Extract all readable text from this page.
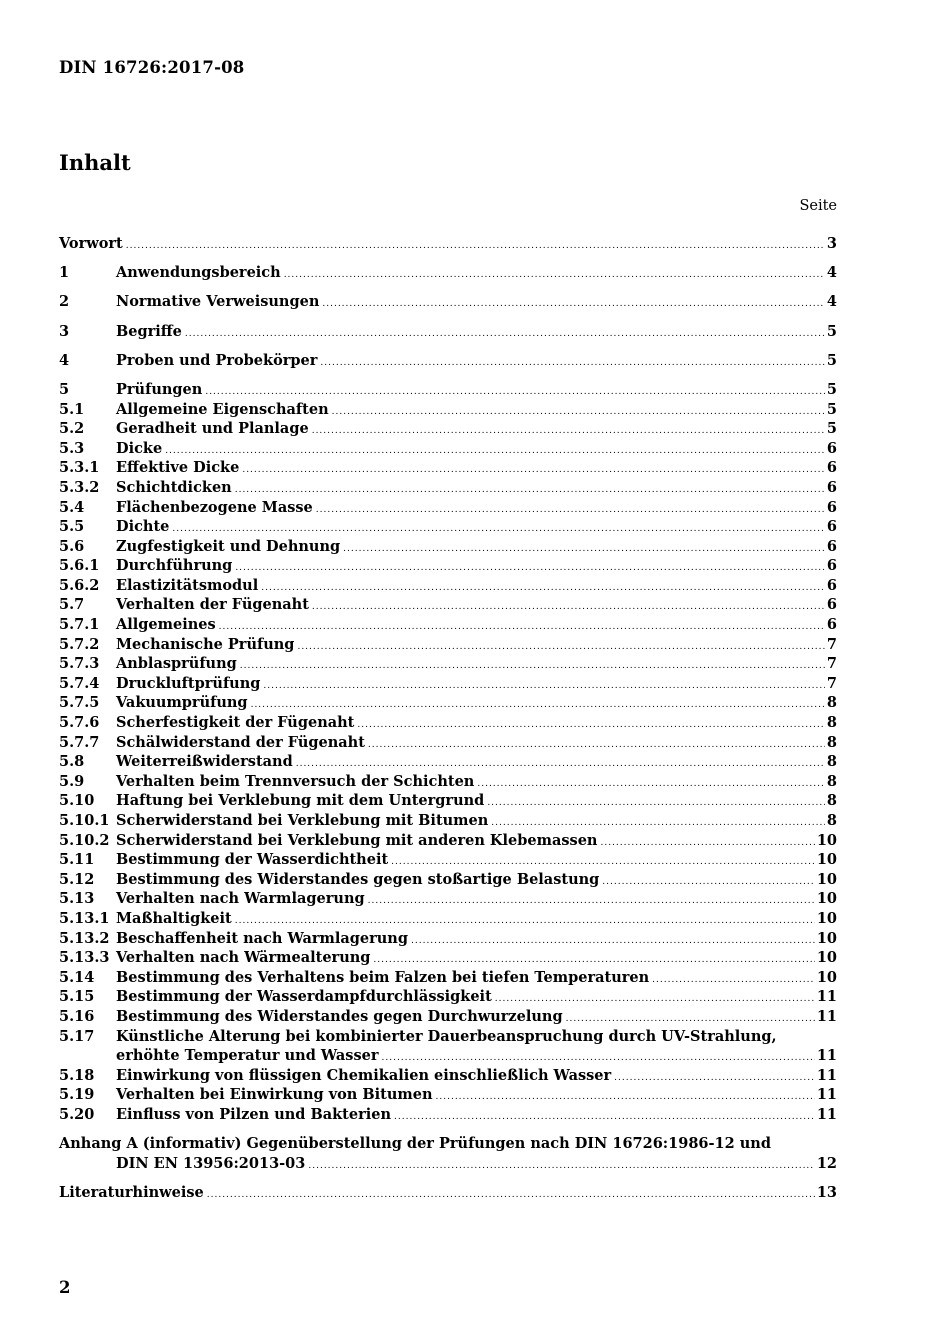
DIN 16726:2017-08
Inhalt
Seite
Vorwort .....	3
1	Anwendungsbereich .....	4
2	Normative Verweisungen .....	4
3	Begriffe .....	5
4	Proben und Probekörper .....	5
5	Prüfungen .....	5
5.1	Allgemeine Eigenschaften .....	5
5.2	Geradheit und Planlage .....	5
5.3	Dicke .....	6
5.3.1	Effektive Dicke .....	6
5.3.2	Schichtdicken .....	6
5.4	Flächenbezogene Masse .....	6
5.5	Dichte .....	6
5.6	Zugfestigkeit und Dehnung .....	6
5.6.1	Durchführung .....	6
5.6.2	Elastizitätsmodul .....	6
5.7	Verhalten der Fügenaht .....	6
5.7.1	Allgemeines .....	6
5.7.2	Mechanische Prüfung .....	7
5.7.3	Anblasprüfung .....	7
5.7.4	Druckluftprüfung .....	7
5.7.5	Vakuumprüfung .....	8
5.7.6	Scherfestigkeit der Fügenaht .....	8
5.7.7	Schälwiderstand der Fügenaht .....	8
5.8	Weiterreißwiderstand .....	8
5.9	Verhalten beim Trennversuch der Schichten .....	8
5.10	Haftung bei Verklebung mit dem Untergrund .....	8
5.10.1 Scherwiderstand bei Verklebung mit Bitumen .....	8
5.10.2 Scherwiderstand bei Verklebung mit anderen Klebemassen .....	10
5.11	Bestimmung der Wasserdichtheit .....	10
5.12	Bestimmung des Widerstandes gegen stoßartige Belastung .....	10
5.13	Verhalten nach Warmlagerung .....	10
5.13.1 Maßhaltigkeit .....	10
5.13.2 Beschaffenheit nach Warmlagerung .....	10
5.13.3 Verhalten nach Wärmealterung .....	10
5.14	Bestimmung des Verhaltens beim Falzen bei tiefen Temperaturen .....	10
5.15	Bestimmung der Wasserdampfdurchlässigkeit .....	11
5.16	Bestimmung des Widerstandes gegen Durchwurzelung .....	11
5.17	Künstliche Alterung bei kombinierter Dauerbeanspruchung durch UV-Strahlung,
erhöhte Temperatur und Wasser .....	11
5.18	Einwirkung von flüssigen Chemikalien einschließlich Wasser .....	11
5.19	Verhalten bei Einwirkung von Bitumen .....	11
5.20	Einfluss von Pilzen und Bakterien .....	11
Anhang A (informativ) Gegenüberstellung der Prüfungen nach DIN 16726:1986-12 und
DIN EN 13956:2013-03 .....	12
Literaturhinweise .....	13
2
